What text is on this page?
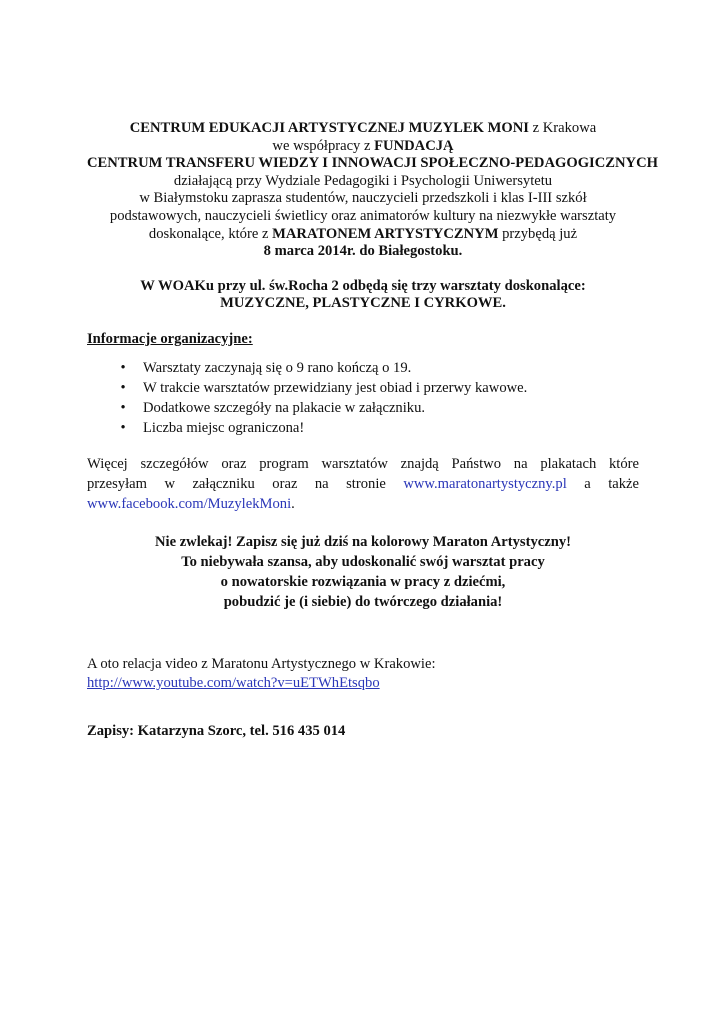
CENTRUM EDUKACJI ARTYSTYCZNEJ MUZYLEK MONI z Krakowa
we współpracy z FUNDACJĄ
CENTRUM TRANSFERU WIEDZY I INNOWACJI SPOŁECZNO-PEDAGOGICZNYCH
działającą przy Wydziale Pedagogiki i Psychologii Uniwersytetu
w Białymstoku zaprasza studentów, nauczycieli przedszkoli i klas I-III szkół
podstawowych, nauczycieli świetlicy oraz animatorów kultury na niezwykłe warsztaty
doskonalące, które z MARATONEM ARTYSTYCZNYM przybędą już
8 marca 2014r. do Białegostoku.
W WOAKu przy ul. św.Rocha 2 odbędą się trzy warsztaty doskonalące:
MUZYCZNE, PLASTYCZNE I CYRKOWE.
Informacje organizacyjne:
• Warsztaty zaczynają się o 9 rano kończą o 19.
• W trakcie warsztatów przewidziany jest obiad i przerwy kawowe.
• Dodatkowe szczegóły na plakacie w załączniku.
• Liczba miejsc ograniczona!
Więcej szczegółów oraz program warsztatów znajdą Państwo na plakatach które
przesyłam w załączniku oraz na stronie www.maratonartystyczny.pl a także
www.facebook.com/MuzylekMoni.
Nie zwlekaj! Zapisz się już dziś na kolorowy Maraton Artystyczny!
To niebywała szansa, aby udoskonalić swój warsztat pracy
o nowatorskie rozwiązania w pracy z dziećmi,
pobudzić je (i siebie) do twórczego działania!
A oto relacja video z Maratonu Artystycznego w Krakowie:
http://www.youtube.com/watch?v=uETWhEtsqbo
Zapisy: Katarzyna Szorc, tel. 516 435 014
